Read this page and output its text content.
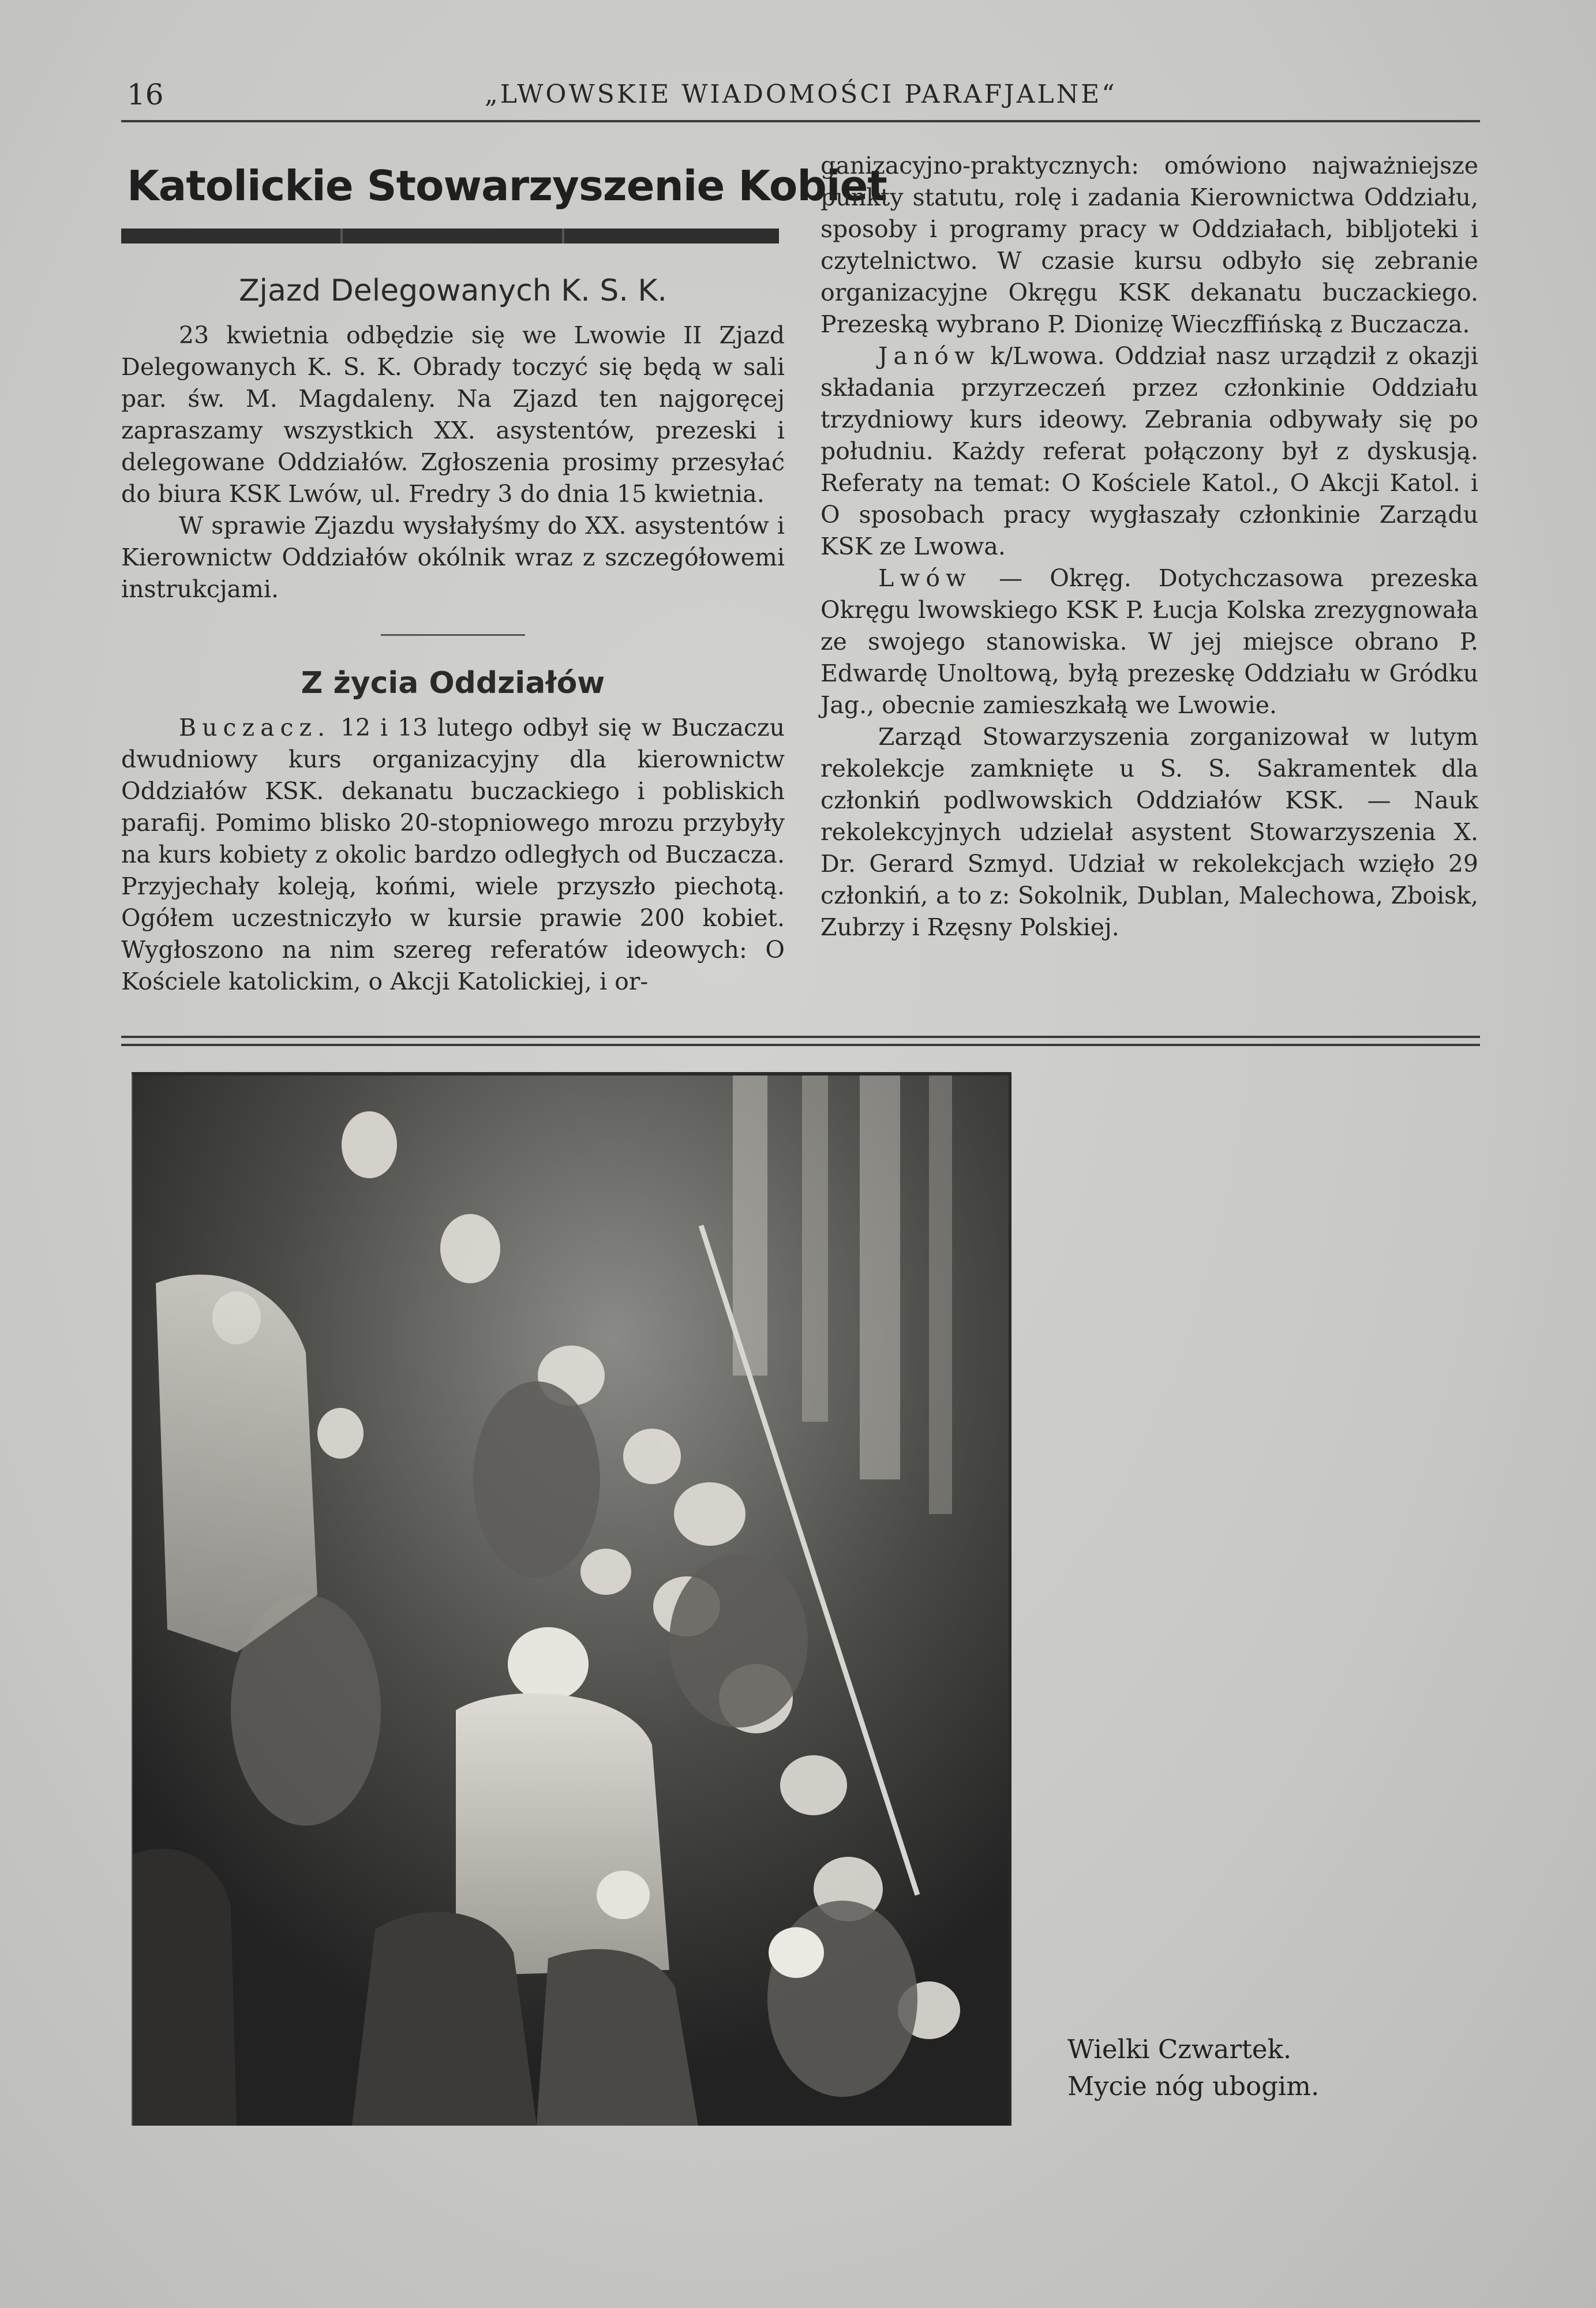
16	„LWOWSKIE WIADOMOŚCI PARAFJALNE“
Katolickie Stowarzyszenie Kobiet
Zjazd Delegowanych K. S. K.

23 kwietnia odbędzie się we Lwowie II Zjazd Delegowanych K. S. K. Obrady toczyć się będą w sali par. św. M. Magdaleny. Na Zjazd ten najgoręcej zapraszamy wszystkich XX. asystentów, prezeski i delegowane Oddziałów. Zgłoszenia prosimy przesyłać do biura KSK Lwów, ul. Fredry 3 do dnia 15 kwietnia.

W sprawie Zjazdu wysłałyśmy do XX. asystentów i Kierownictw Oddziałów okólnik wraz z szczegółowemi instrukcjami.

Z życia Oddziałów

Buczacz. 12 i 13 lutego odbył się w Buczaczu dwudniowy kurs organizacyjny dla kierownictw Oddziałów KSK. dekanatu buczackiego i pobliskich parafij. Pomimo blisko 20-stopniowego mrozu przybyły na kurs kobiety z okolic bardzo odległych od Buczacza. Przyjechały koleją, końmi, wiele przyszło piechotą. Ogółem uczestniczyło w kursie prawie 200 kobiet. Wygłoszono na nim szereg referatów ideowych: O Kościele katolickim, o Akcji Katolickiej, i or-

ganizacyjno-praktycznych: omówiono najważniejsze punkty statutu, rolę i zadania Kierownictwa Oddziału, sposoby i programy pracy w Oddziałach, bibljoteki i czytelnictwo. W czasie kursu odbyło się zebranie organizacyjne Okręgu KSK dekanatu buczackiego. Prezeską wybrano P. Dionizę Wieczffińską z Buczacza.

Janów k/Lwowa. Oddział nasz urządził z okazji składania przyrzeczeń przez członkinie Oddziału trzydniowy kurs ideowy. Zebrania odbywały się po południu. Każdy referat połączony był z dyskusją. Referaty na temat: O Kościele Katol., O Akcji Katol. i O sposobach pracy wygłaszały członkinie Zarządu KSK ze Lwowa.

Lwów — Okręg. Dotychczasowa prezeska Okręgu lwowskiego KSK P. Łucja Kolska zrezygnowała ze swojego stanowiska. W jej miejsce obrano P. Edwardę Unoltową, byłą prezeskę Oddziału w Gródku Jag., obecnie zamieszkałą we Lwowie.

Zarząd Stowarzyszenia zorganizował w lutym rekolekcje zamknięte u S. S. Sakramentek dla członkiń podlwowskich Oddziałów KSK. — Nauk rekolekcyjnych udzielał asystent Stowarzyszenia X. Dr. Gerard Szmyd. Udział w rekolekcjach wzięło 29 członkiń, a to z: Sokolnik, Dublan, Malechowa, Zboisk, Zubrzy i Rzęsny Polskiej.

Wielki Czwartek.
Mycie nóg ubogim.
